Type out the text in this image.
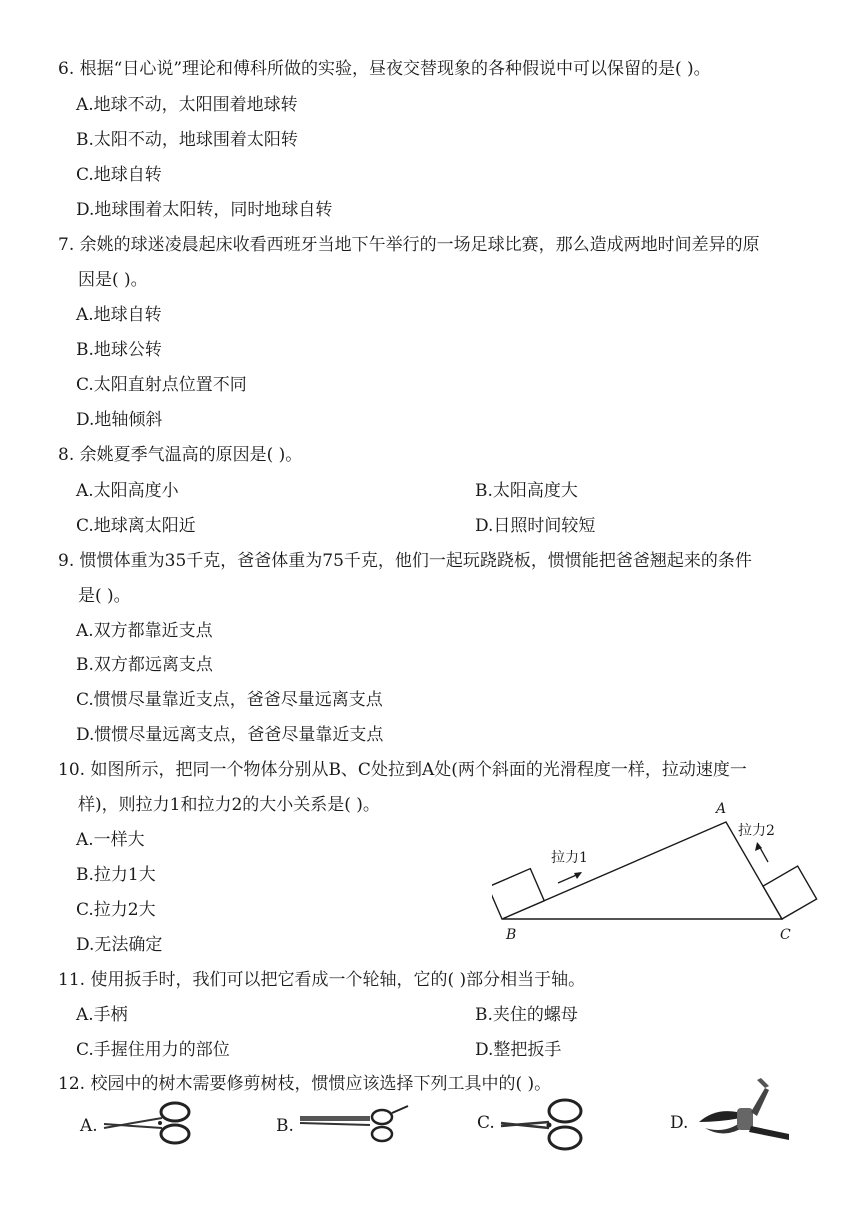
6. 根据“日心说”理论和傅科所做的实验，昼夜交替现象的各种假说中可以保留的是( )。
A.地球不动，太阳围着地球转
B.太阳不动，地球围着太阳转
C.地球自转
D.地球围着太阳转，同时地球自转
7. 余姚的球迷凌晨起床收看西班牙当地下午举行的一场足球比赛，那么造成两地时间差异的原
因是( )。
A.地球自转
B.地球公转
C.太阳直射点位置不同
D.地轴倾斜
8. 余姚夏季气温高的原因是( )。
A.太阳高度小	B.太阳高度大
C.地球离太阳近	D.日照时间较短
9. 惯惯体重为35千克，爸爸体重为75千克，他们一起玩跷跷板，惯惯能把爸爸翘起来的条件
是( )。
A.双方都靠近支点
B.双方都远离支点
C.惯惯尽量靠近支点，爸爸尽量远离支点
D.惯惯尽量远离支点，爸爸尽量靠近支点
10. 如图所示，把同一个物体分别从B、C处拉到A处(两个斜面的光滑程度一样，拉动速度一
样)，则拉力1和拉力2的大小关系是( )。
A.一样大
B.拉力1大
C.拉力2大
D.无法确定
A
B	C
拉力1
拉力2
11. 使用扳手时，我们可以把它看成一个轮轴，它的( )部分相当于轴。
A.手柄	B.夹住的螺母
C.手握住用力的部位	D.整把扳手
12. 校园中的树木需要修剪树枝，惯惯应该选择下列工具中的( )。
A.	B.	C.	D.
